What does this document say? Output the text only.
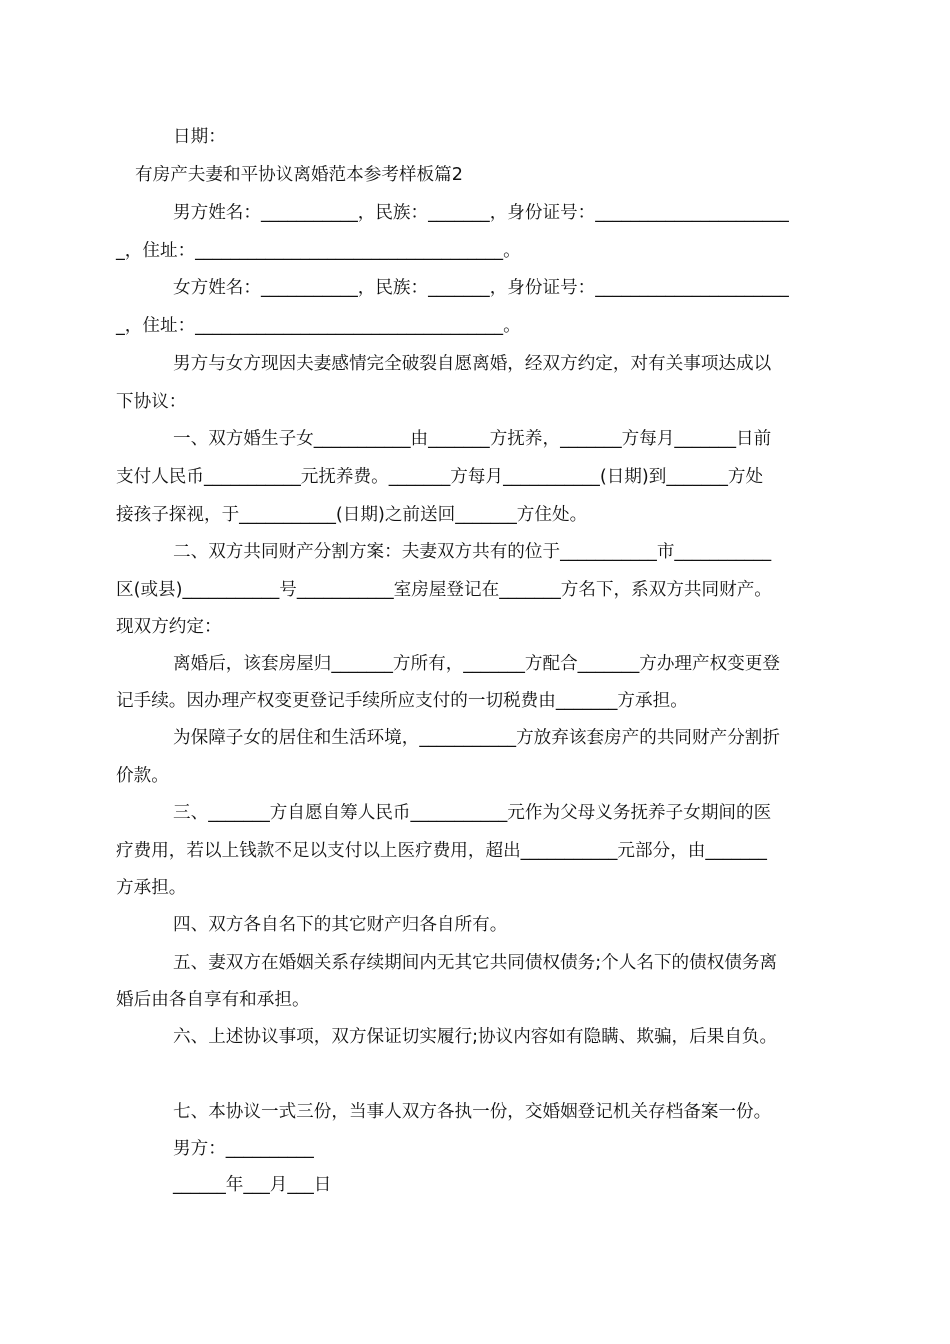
日期：
有房产夫妻和平协议离婚范本参考样板篇2
男方姓名：___________，民族：_______，身份证号：______________________
_，住址：___________________________________。
女方姓名：___________，民族：_______，身份证号：______________________
_，住址：___________________________________。
男方与女方现因夫妻感情完全破裂自愿离婚，经双方约定，对有关事项达成以
下协议：
一、双方婚生子女___________由_______方抚养，_______方每月_______日前
支付人民币___________元抚养费。_______方每月___________(日期)到_______方处
接孩子探视，于___________(日期)之前送回_______方住处。
二、双方共同财产分割方案：夫妻双方共有的位于___________市___________
区(或县)___________号___________室房屋登记在_______方名下，系双方共同财产。
现双方约定：
离婚后，该套房屋归_______方所有，_______方配合_______方办理产权变更登
记手续。因办理产权变更登记手续所应支付的一切税费由_______方承担。
为保障子女的居住和生活环境，___________方放弃该套房产的共同财产分割折
价款。
三、_______方自愿自筹人民币___________元作为父母义务抚养子女期间的医
疗费用，若以上钱款不足以支付以上医疗费用，超出___________元部分，由_______
方承担。
四、双方各自名下的其它财产归各自所有。
五、妻双方在婚姻关系存续期间内无其它共同债权债务;个人名下的债权债务离
婚后由各自享有和承担。
六、上述协议事项，双方保证切实履行;协议内容如有隐瞒、欺骗，后果自负。
七、本协议一式三份，当事人双方各执一份，交婚姻登记机关存档备案一份。
男方：__________
______年___月___日
